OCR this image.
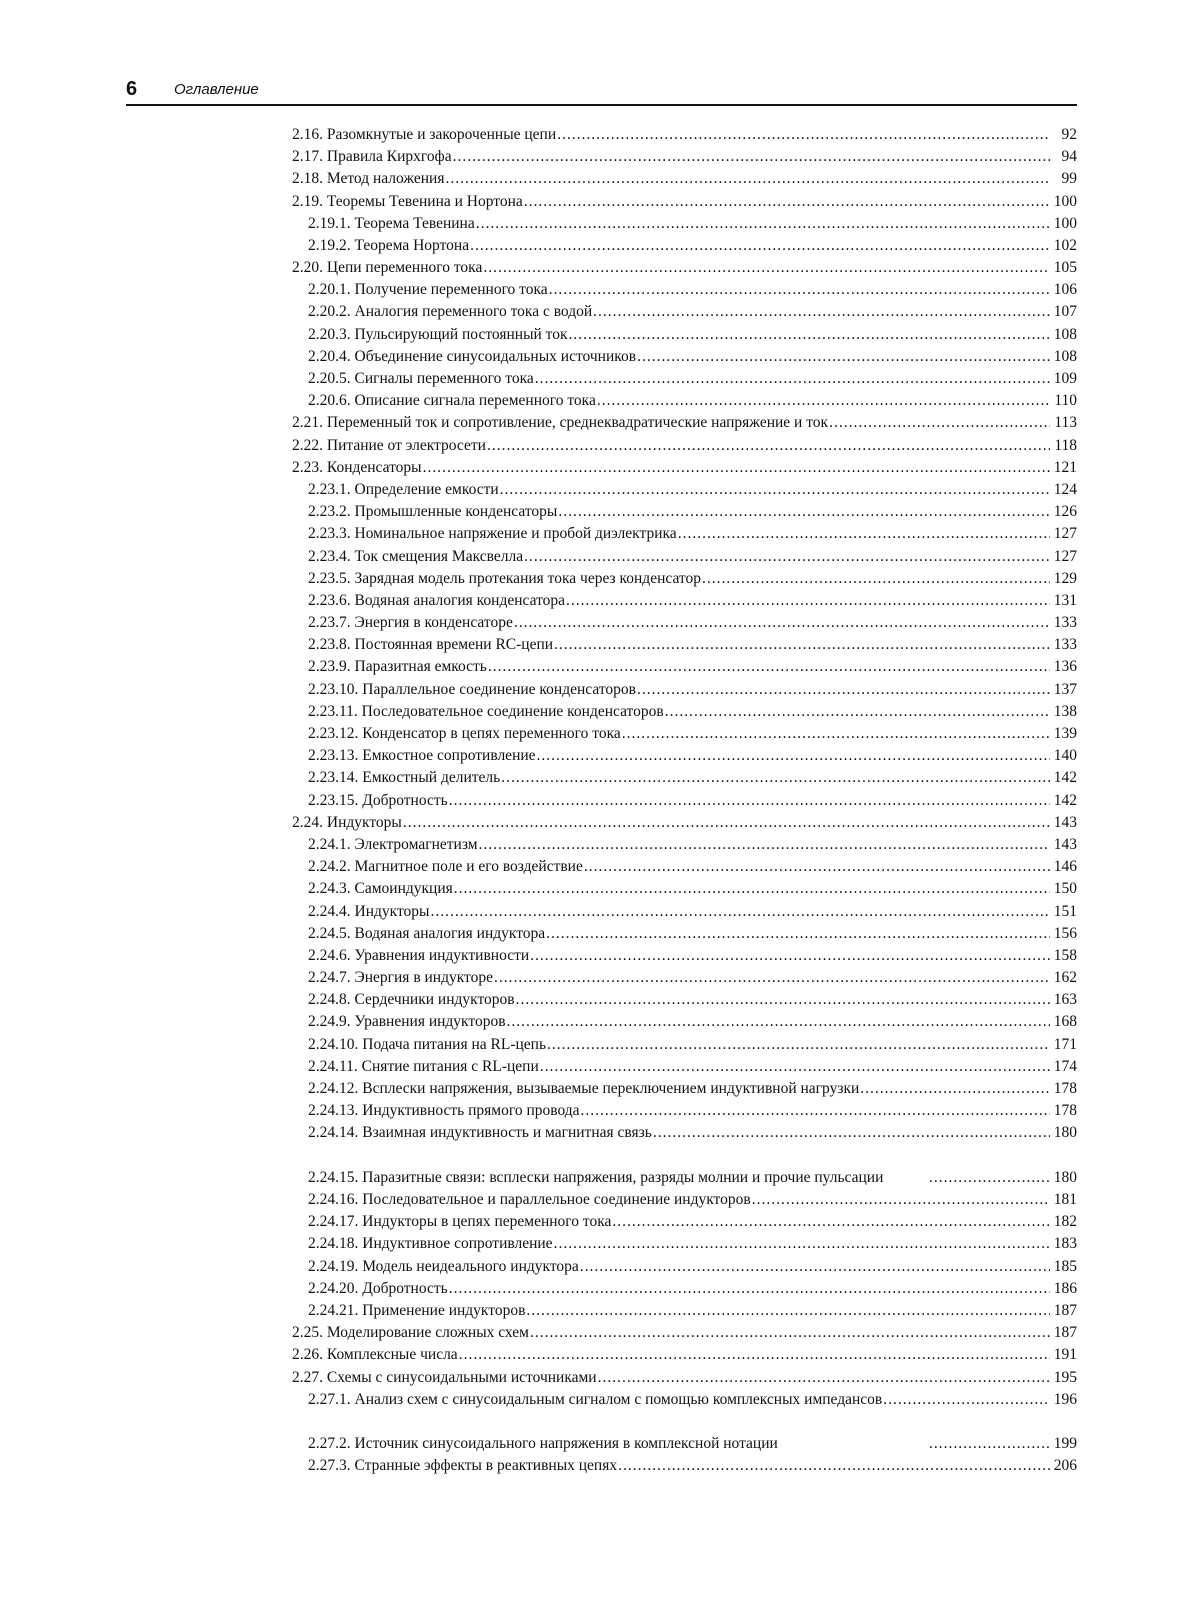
6 Оглавление
2.16. Разомкнутые и закороченные цепи .....	92
2.17. Правила Кирхгофа .....	94
2.18. Метод наложения .....	99
2.19. Теоремы Тевенина и Нортона .....	100
2.19.1. Теорема Тевенина .....	100
2.19.2. Теорема Нортона .....	102
2.20. Цепи переменного тока .....	105
2.20.1. Получение переменного тока .....	106
2.20.2. Аналогия переменного тока с водой .....	107
2.20.3. Пульсирующий постоянный ток .....	108
2.20.4. Объединение синусоидальных источников .....	108
2.20.5. Сигналы переменного тока .....	109
2.20.6. Описание сигнала переменного тока .....	110
2.21. Переменный ток и сопротивление, среднеквадратические напряжение и ток .....	113
2.22. Питание от электросети .....	118
2.23. Конденсаторы .....	121
2.23.1. Определение емкости .....	124
2.23.2. Промышленные конденсаторы .....	126
2.23.3. Номинальное напряжение и пробой диэлектрика .....	127
2.23.4. Ток смещения Максвелла .....	127
2.23.5. Зарядная модель протекания тока через конденсатор .....	129
2.23.6. Водяная аналогия конденсатора .....	131
2.23.7. Энергия в конденсаторе .....	133
2.23.8. Постоянная времени RC-цепи .....	133
2.23.9. Паразитная емкость .....	136
2.23.10. Параллельное соединение конденсаторов .....	137
2.23.11. Последовательное соединение конденсаторов .....	138
2.23.12. Конденсатор в цепях переменного тока .....	139
2.23.13. Емкостное сопротивление .....	140
2.23.14. Емкостный делитель .....	142
2.23.15. Добротность .....	142
2.24. Индукторы .....	143
2.24.1. Электромагнетизм .....	143
2.24.2. Магнитное поле и его воздействие .....	146
2.24.3. Самоиндукция .....	150
2.24.4. Индукторы .....	151
2.24.5. Водяная аналогия индуктора .....	156
2.24.6. Уравнения индуктивности .....	158
2.24.7. Энергия в индукторе .....	162
2.24.8. Сердечники индукторов .....	163
2.24.9. Уравнения индукторов .....	168
2.24.10. Подача питания на RL-цепь .....	171
2.24.11. Снятие питания с RL-цепи .....	174
2.24.12. Всплески напряжения, вызываемые переключением индуктивной нагрузки .....	178
2.24.13. Индуктивность прямого провода .....	178
2.24.14. Взаимная индуктивность и магнитная связь .....	180
2.24.15. Паразитные связи: всплески напряжения, разряды молнии и прочие пульсации .....	180
2.24.16. Последовательное и параллельное соединение индукторов .....	181
2.24.17. Индукторы в цепях переменного тока .....	182
2.24.18. Индуктивное сопротивление .....	183
2.24.19. Модель неидеального индуктора .....	185
2.24.20. Добротность .....	186
2.24.21. Применение индукторов .....	187
2.25. Моделирование сложных схем .....	187
2.26. Комплексные числа .....	191
2.27. Схемы с синусоидальными источниками .....	195
2.27.1. Анализ схем с синусоидальным сигналом с помощью комплексных импедансов .....	196
2.27.2. Источник синусоидального напряжения в комплексной нотации .....	199
2.27.3. Странные эффекты в реактивных цепях .....	206
